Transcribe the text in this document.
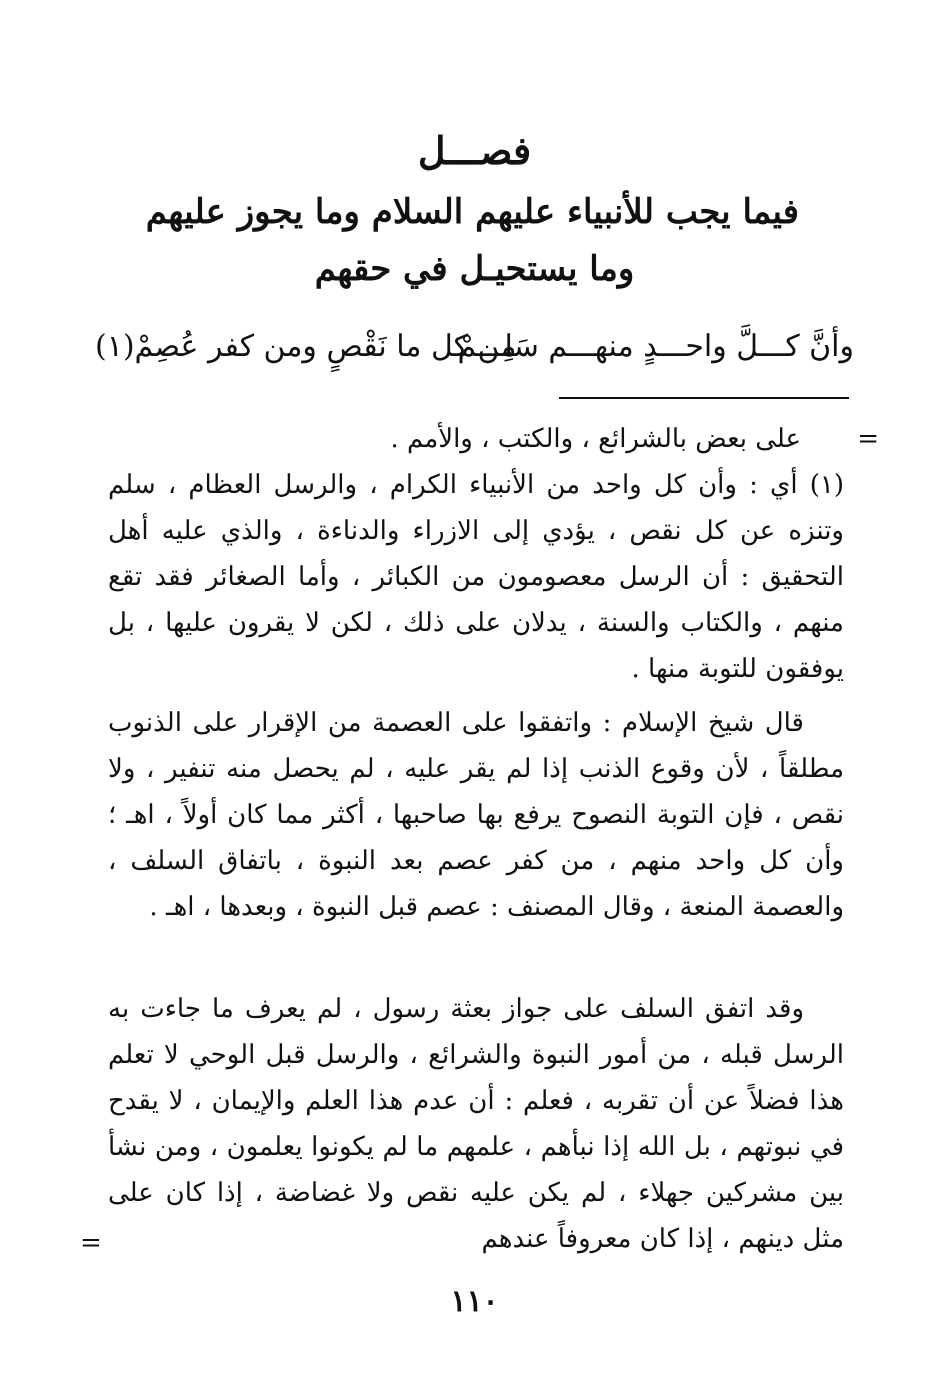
فصـــل
فيما يجب للأنبياء عليهم السلام وما يجوز عليهم
وما يستحيـل في حقهم
وأنَّ كـــلَّ واحـــدٍ منهـــم سَلِـــمْ
من كل ما نَقْصٍ ومن كفر عُصِمْ(١)
=
على بعض بالشرائع ، والكتب ، والأمم .

(١) أي : وأن كل واحد من الأنبياء الكرام ، والرسل العظام ، سلم وتنزه عن كل نقص ، يؤدي إلى الازراء والدناءة ، والذي عليه أهل التحقيق : أن الرسل معصومون من الكبائر ، وأما الصغائر فقد تقع منهم ، والكتاب والسنة ، يدلان على ذلك ، لكن لا يقرون عليها ، بل يوفقون للتوبة منها .

قال شيخ الإسلام : واتفقوا على العصمة من الإقرار على الذنوب مطلقاً ، لأن وقوع الذنب إذا لم يقر عليه ، لم يحصل منه تنفير ، ولا نقص ، فإن التوبة النصوح يرفع بها صاحبها ، أكثر مما كان أولاً ، اهـ ؛ وأن كل واحد منهم ، من كفر عصم بعد النبوة ، باتفاق السلف ، والعصمة المنعة ، وقال المصنف : عصم قبل النبوة ، وبعدها ، اهـ .

وقد اتفق السلف على جواز بعثة رسول ، لم يعرف ما جاءت به الرسل قبله ، من أمور النبوة والشرائع ، والرسل قبل الوحي لا تعلم هذا فضلاً عن أن تقربه ، فعلم : أن عدم هذا العلم والإيمان ، لا يقدح في نبوتهم ، بل الله إذا نبأهم ، علمهم ما لم يكونوا يعلمون ، ومن نشأ بين مشركين جهلاء ، لم يكن عليه نقص ولا غضاضة ، إذا كان على مثل دينهم ، إذا كان معروفاً عندهم

=
١١٠
